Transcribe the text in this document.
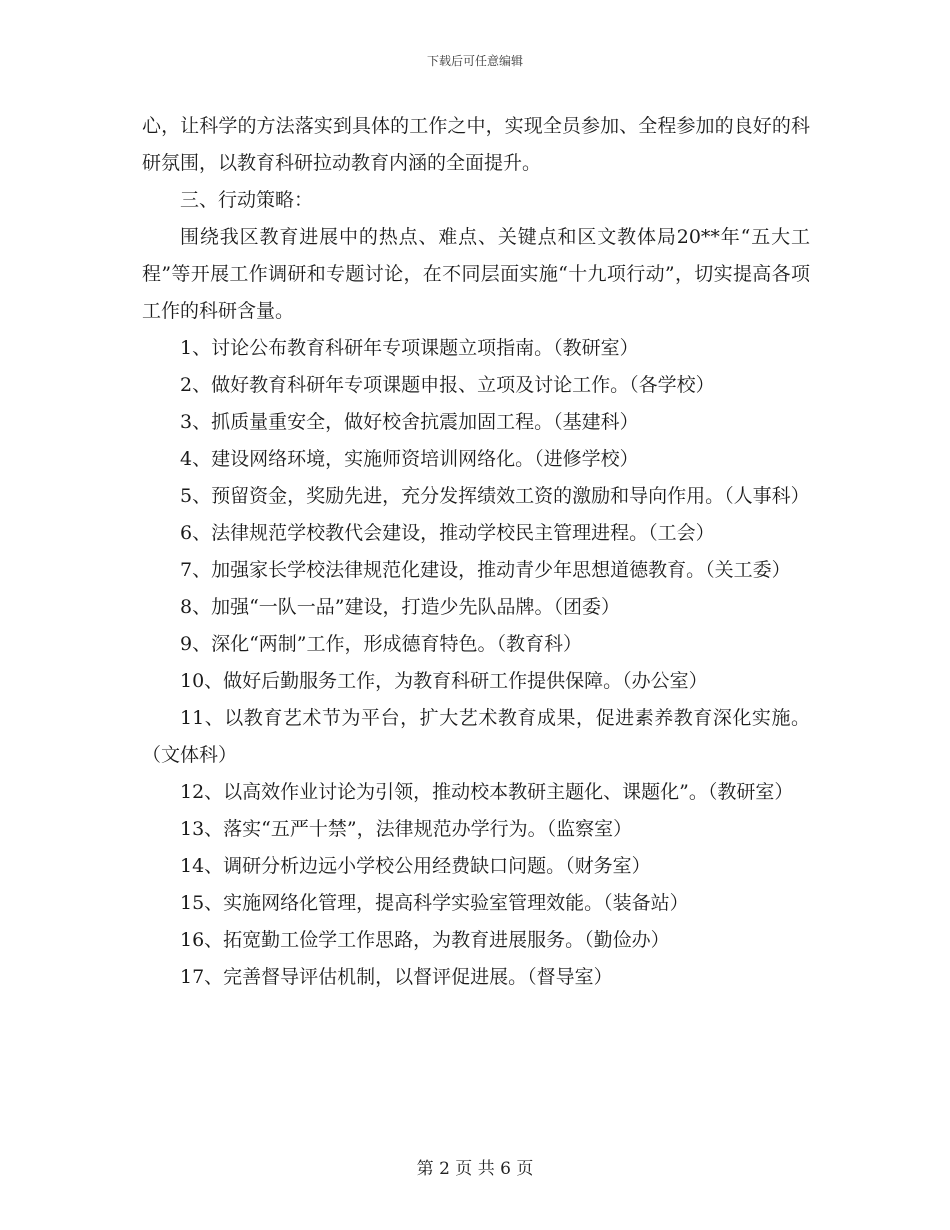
下载后可任意编辑

心，让科学的方法落实到具体的工作之中，实现全员参加、全程参加的良好的科研氛围，以教育科研拉动教育内涵的全面提升。

三、行动策略：

围绕我区教育进展中的热点、难点、关键点和区文教体局20**年“五大工程”等开展工作调研和专题讨论，在不同层面实施“十九项行动”，切实提高各项工作的科研含量。

1、讨论公布教育科研年专项课题立项指南。（教研室）

2、做好教育科研年专项课题申报、立项及讨论工作。（各学校）

3、抓质量重安全，做好校舍抗震加固工程。（基建科）

4、建设网络环境，实施师资培训网络化。（进修学校）

5、预留资金，奖励先进，充分发挥绩效工资的激励和导向作用。（人事科）

6、法律规范学校教代会建设，推动学校民主管理进程。（工会）

7、加强家长学校法律规范化建设，推动青少年思想道德教育。（关工委）

8、加强“一队一品”建设，打造少先队品牌。（团委）

9、深化“两制”工作，形成德育特色。（教育科）

10、做好后勤服务工作，为教育科研工作提供保障。（办公室）

11、以教育艺术节为平台，扩大艺术教育成果，促进素养教育深化实施。（文体科）

12、以高效作业讨论为引领，推动校本教研主题化、课题化”。（教研室）

13、落实“五严十禁”，法律规范办学行为。（监察室）

14、调研分析边远小学校公用经费缺口问题。（财务室）

15、实施网络化管理，提高科学实验室管理效能。（装备站）

16、拓宽勤工俭学工作思路，为教育进展服务。（勤俭办）

17、完善督导评估机制，以督评促进展。（督导室）

第 2 页 共 6 页
